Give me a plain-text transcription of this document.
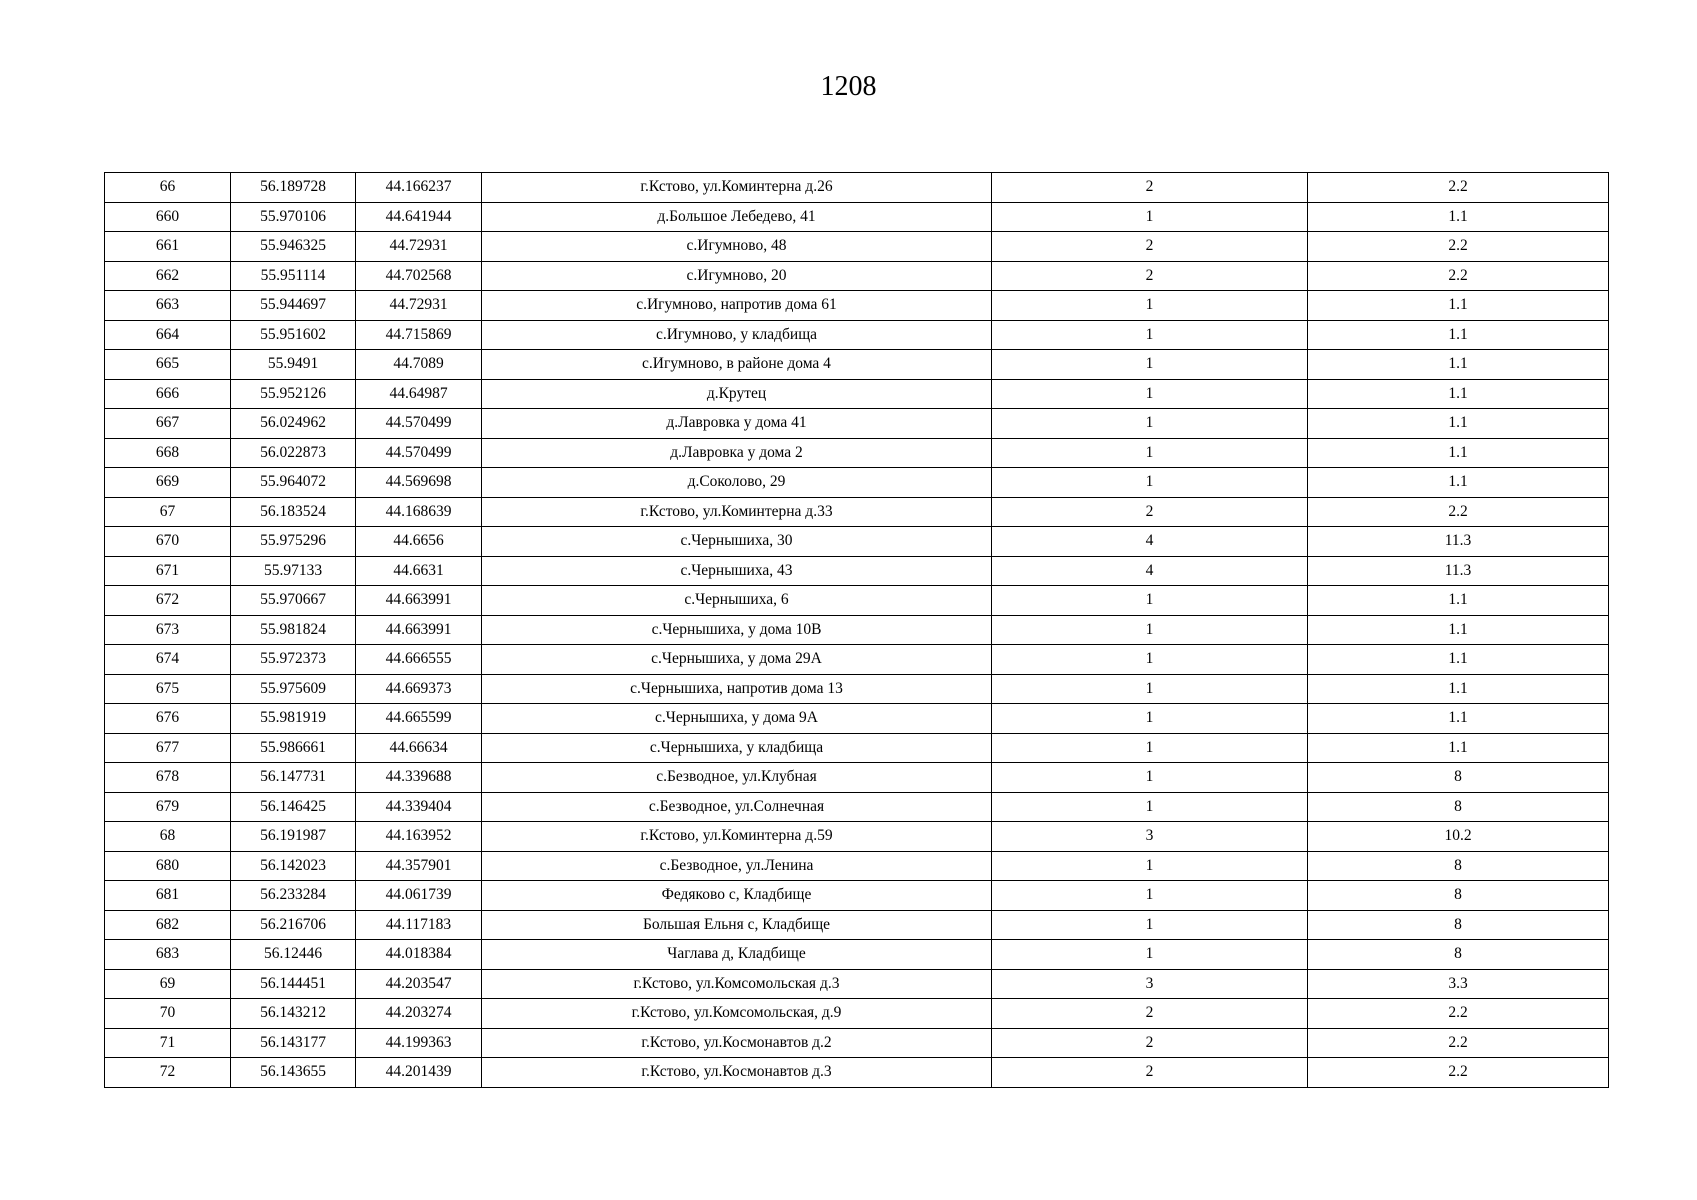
1208
66	56.189728	44.166237	г.Кстово, ул.Коминтерна д.26	2	2.2
660	55.970106	44.641944	д.Большое Лебедево, 41	1	1.1
661	55.946325	44.72931	с.Игумново, 48	2	2.2
662	55.951114	44.702568	с.Игумново, 20	2	2.2
663	55.944697	44.72931	с.Игумново, напротив дома 61	1	1.1
664	55.951602	44.715869	с.Игумново, у кладбища	1	1.1
665	55.9491	44.7089	с.Игумново, в районе дома 4	1	1.1
666	55.952126	44.64987	д.Крутец	1	1.1
667	56.024962	44.570499	д.Лавровка у дома 41	1	1.1
668	56.022873	44.570499	д.Лавровка у дома 2	1	1.1
669	55.964072	44.569698	д.Соколово, 29	1	1.1
67	56.183524	44.168639	г.Кстово, ул.Коминтерна д.33	2	2.2
670	55.975296	44.6656	с.Чернышиха, 30	4	11.3
671	55.97133	44.6631	с.Чернышиха, 43	4	11.3
672	55.970667	44.663991	с.Чернышиха, 6	1	1.1
673	55.981824	44.663991	с.Чернышиха, у дома 10В	1	1.1
674	55.972373	44.666555	с.Чернышиха, у дома 29А	1	1.1
675	55.975609	44.669373	с.Чернышиха, напротив дома 13	1	1.1
676	55.981919	44.665599	с.Чернышиха, у дома 9А	1	1.1
677	55.986661	44.66634	с.Чернышиха, у кладбища	1	1.1
678	56.147731	44.339688	с.Безводное, ул.Клубная	1	8
679	56.146425	44.339404	с.Безводное, ул.Солнечная	1	8
68	56.191987	44.163952	г.Кстово, ул.Коминтерна д.59	3	10.2
680	56.142023	44.357901	с.Безводное, ул.Ленина	1	8
681	56.233284	44.061739	Федяково с, Кладбище	1	8
682	56.216706	44.117183	Большая Ельня с, Кладбище	1	8
683	56.12446	44.018384	Чаглава д, Кладбище	1	8
69	56.144451	44.203547	г.Кстово, ул.Комсомольская д.3	3	3.3
70	56.143212	44.203274	г.Кстово, ул.Комсомольская, д.9	2	2.2
71	56.143177	44.199363	г.Кстово, ул.Космонавтов д.2	2	2.2
72	56.143655	44.201439	г.Кстово, ул.Космонавтов д.3	2	2.2
